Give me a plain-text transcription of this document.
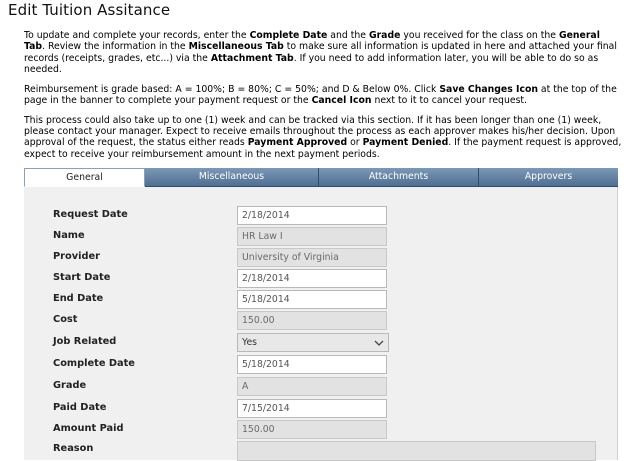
Edit Tuition Assitance

To update and complete your records, enter the Complete Date and the Grade you received for the class on the General Tab. Review the information in the Miscellaneous Tab to make sure all information is updated in here and attached your final records (receipts, grades, etc...) via the Attachment Tab. If you need to add information later, you will be able to do so as needed.

Reimbursement is grade based: A = 100%; B = 80%; C = 50%; and D & Below 0%. Click Save Changes Icon at the top of the page in the banner to complete your payment request or the Cancel Icon next to it to cancel your request.

This process could also take up to one (1) week and can be tracked via this section. If it has been longer than one (1) week, please contact your manager. Expect to receive emails throughout the process as each approver makes his/her decision. Upon approval of the request, the status either reads Payment Approved or Payment Denied. If the payment request is approved, expect to receive your reimbursement amount in the next payment periods.

General	Miscellaneous	Attachments	Approvers
Request Date	2/18/2014
Name	HR Law I
Provider	University of Virginia
Start Date	2/18/2014
End Date	5/18/2014
Cost	150.00
Job Related	Yes
Complete Date	5/18/2014
Grade	A
Paid Date	7/15/2014
Amount Paid	150.00
Reason
